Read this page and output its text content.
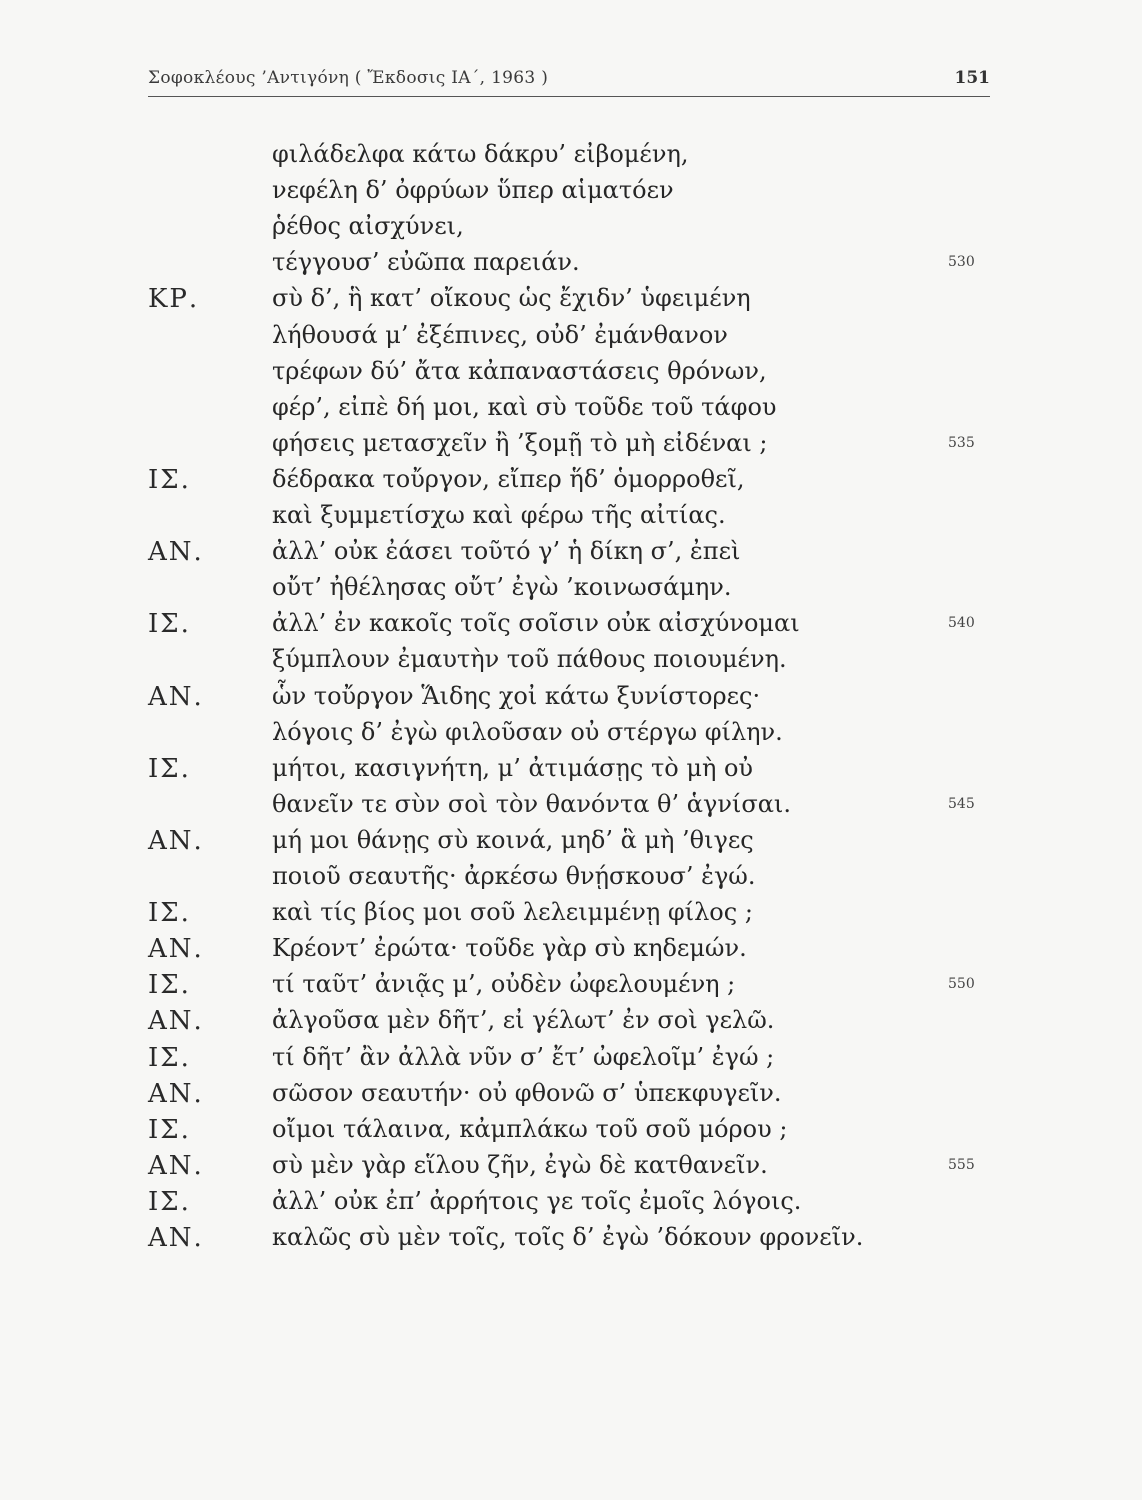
Σοφοκλέους ’Αντιγόνη ( Ἔκδοσις ΙΑ΄, 1963 )	151
φιλάδελφα κάτω δάκρυ’ εἰβομένη,
νεφέλη δ’ ὀφρύων ὕπερ αἱματόεν
ῥέθος αἰσχύνει,
τέγγουσ’ εὐῶπα παρειάν.	530
ΚΡ.	σὺ δ’, ἣ κατ’ οἴκους ὡς ἔχιδν’ ὑφειμένη
λήθουσά μ’ ἐξέπινες, οὐδ’ ἐμάνθανον
τρέφων δύ’ ἄτα κἀπαναστάσεις θρόνων,
φέρ’, εἰπὲ δή μοι, καὶ σὺ τοῦδε τοῦ τάφου
φήσεις μετασχεῖν ἢ ’ξομῇ τὸ μὴ εἰδέναι ;	535
ΙΣ.	δέδρακα τοὔργον, εἴπερ ἥδ’ ὁμορροθεῖ,
καὶ ξυμμετίσχω καὶ φέρω τῆς αἰτίας.
ΑΝ.	ἀλλ’ οὐκ ἐάσει τοῦτό γ’ ἡ δίκη σ’, ἐπεὶ
οὔτ’ ἠθέλησας οὔτ’ ἐγὼ ’κοινωσάμην.
ΙΣ.	ἀλλ’ ἐν κακοῖς τοῖς σοῖσιν οὐκ αἰσχύνομαι	540
ξύμπλουν ἐμαυτὴν τοῦ πάθους ποιουμένη.
ΑΝ.	ὧν τοὔργον Ἅιδης χοἰ κάτω ξυνίστορες·
λόγοις δ’ ἐγὼ φιλοῦσαν οὐ στέργω φίλην.
ΙΣ.	μήτοι, κασιγνήτη, μ’ ἀτιμάσῃς τὸ μὴ οὐ
θανεῖν τε σὺν σοὶ τὸν θανόντα θ’ ἁγνίσαι.	545
ΑΝ.	μή μοι θάνῃς σὺ κοινά, μηδ’ ἃ μὴ ’θιγες
ποιοῦ σεαυτῆς· ἀρκέσω θνῄσκουσ’ ἐγώ.
ΙΣ.	καὶ τίς βίος μοι σοῦ λελειμμένῃ φίλος ;
ΑΝ.	Κρέοντ’ ἐρώτα· τοῦδε γὰρ σὺ κηδεμών.
ΙΣ.	τί ταῦτ’ ἀνιᾷς μ’, οὐδὲν ὠφελουμένη ;	550
ΑΝ.	ἀλγοῦσα μὲν δῆτ’, εἰ γέλωτ’ ἐν σοὶ γελῶ.
ΙΣ.	τί δῆτ’ ἂν ἀλλὰ νῦν σ’ ἔτ’ ὠφελοῖμ’ ἐγώ ;
ΑΝ.	σῶσον σεαυτήν· οὐ φθονῶ σ’ ὑπεκφυγεῖν.
ΙΣ.	οἴμοι τάλαινα, κἀμπλάκω τοῦ σοῦ μόρου ;
ΑΝ.	σὺ μὲν γὰρ εἵλου ζῆν, ἐγὼ δὲ κατθανεῖν.	555
ΙΣ.	ἀλλ’ οὐκ ἐπ’ ἀρρήτοις γε τοῖς ἐμοῖς λόγοις.
ΑΝ.	καλῶς σὺ μὲν τοῖς, τοῖς δ’ ἐγὼ ’δόκουν φρονεῖν.
